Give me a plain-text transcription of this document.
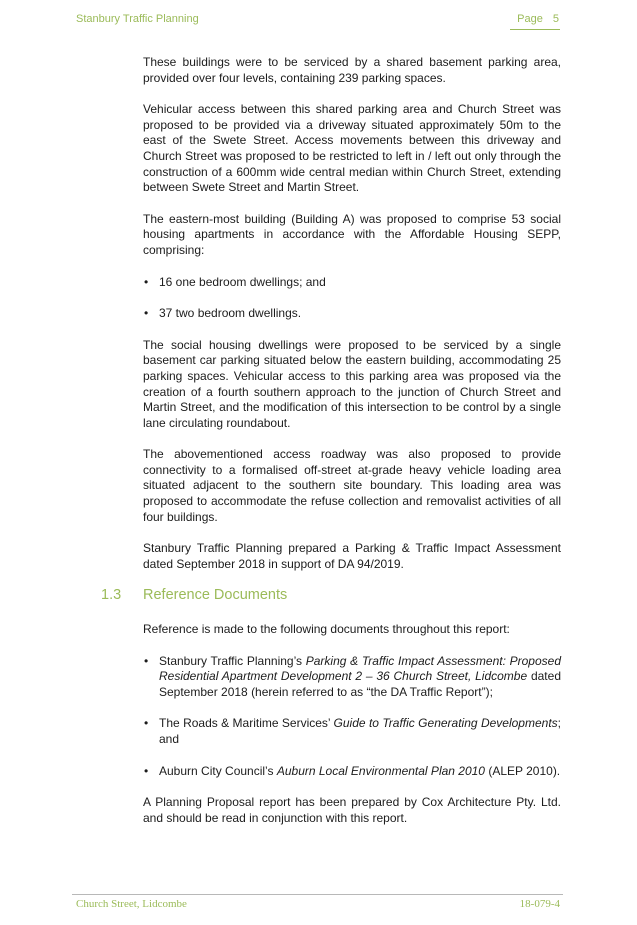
Stanbury Traffic Planning	Page 5

These buildings were to be serviced by a shared basement parking area, provided over four levels, containing 239 parking spaces.

Vehicular access between this shared parking area and Church Street was proposed to be provided via a driveway situated approximately 50m to the east of the Swete Street. Access movements between this driveway and Church Street was proposed to be restricted to left in / left out only through the construction of a 600mm wide central median within Church Street, extending between Swete Street and Martin Street.

The eastern-most building (Building A) was proposed to comprise 53 social housing apartments in accordance with the Affordable Housing SEPP, comprising:

• 16 one bedroom dwellings; and
• 37 two bedroom dwellings.

The social housing dwellings were proposed to be serviced by a single basement car parking situated below the eastern building, accommodating 25 parking spaces. Vehicular access to this parking area was proposed via the creation of a fourth southern approach to the junction of Church Street and Martin Street, and the modification of this intersection to be control by a single lane circulating roundabout.

The abovementioned access roadway was also proposed to provide connectivity to a formalised off-street at-grade heavy vehicle loading area situated adjacent to the southern site boundary. This loading area was proposed to accommodate the refuse collection and removalist activities of all four buildings.

Stanbury Traffic Planning prepared a Parking & Traffic Impact Assessment dated September 2018 in support of DA 94/2019.

1.3 Reference Documents

Reference is made to the following documents throughout this report:

• Stanbury Traffic Planning’s Parking & Traffic Impact Assessment: Proposed Residential Apartment Development 2 – 36 Church Street, Lidcombe dated September 2018 (herein referred to as “the DA Traffic Report”);
• The Roads & Maritime Services’ Guide to Traffic Generating Developments; and
• Auburn City Council’s Auburn Local Environmental Plan 2010 (ALEP 2010).

A Planning Proposal report has been prepared by Cox Architecture Pty. Ltd. and should be read in conjunction with this report.

Church Street, Lidcombe	18-079-4
